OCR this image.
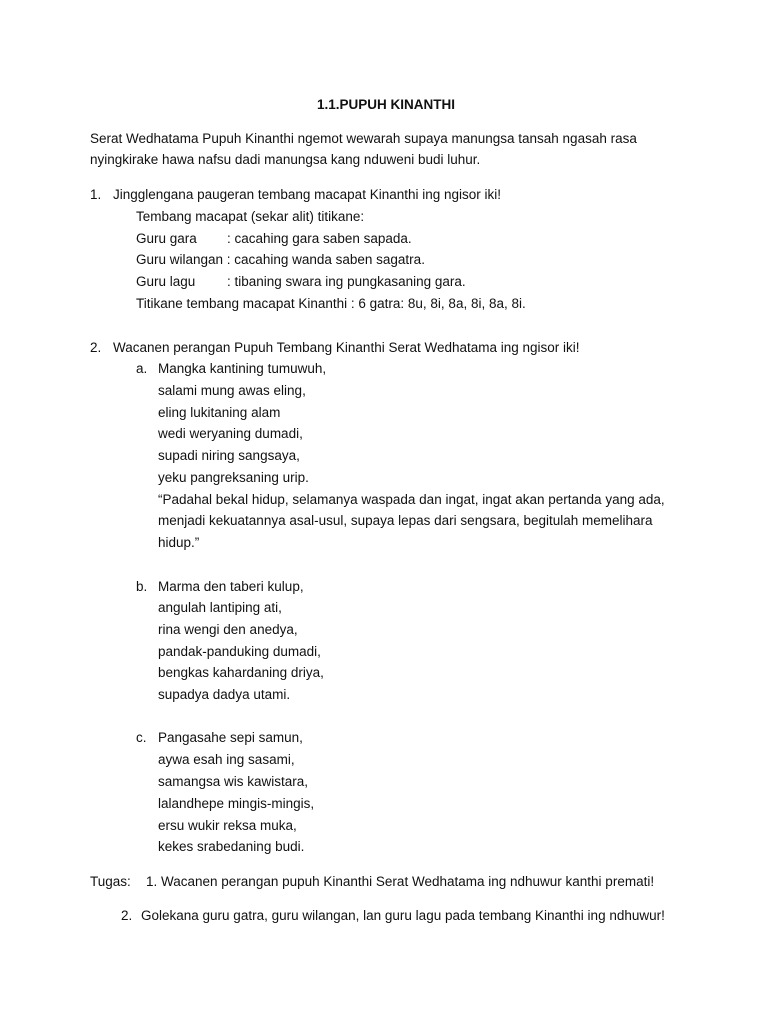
1.1.PUPUH KINANTHI
Serat Wedhatama Pupuh Kinanthi ngemot wewarah supaya manungsa tansah ngasah rasa
nyingkirake hawa nafsu dadi manungsa kang nduweni budi luhur.
1. Jingglengana paugeran tembang macapat Kinanthi ing ngisor iki!
Tembang macapat (sekar alit) titikane:
Guru gara : cacahing gara saben sapada.
Guru wilangan : cacahing wanda saben sagatra.
Guru lagu : tibaning swara ing pungkasaning gara.
Titikane tembang macapat Kinanthi : 6 gatra: 8u, 8i, 8a, 8i, 8a, 8i.
2. Wacanen perangan Pupuh Tembang Kinanthi Serat Wedhatama ing ngisor iki!
a. Mangka kantining tumuwuh,
salami mung awas eling,
eling lukitaning alam
wedi weryaning dumadi,
supadi niring sangsaya,
yeku pangreksaning urip.
“Padahal bekal hidup, selamanya waspada dan ingat, ingat akan pertanda yang ada,
menjadi kekuatannya asal-usul, supaya lepas dari sengsara, begitulah memelihara
hidup.”
b. Marma den taberi kulup,
angulah lantiping ati,
rina wengi den anedya,
pandak-panduking dumadi,
bengkas kahardaning driya,
supadya dadya utami.
c. Pangasahe sepi samun,
aywa esah ing sasami,
samangsa wis kawistara,
lalandhepe mingis-mingis,
ersu wukir reksa muka,
kekes srabedaning budi.
Tugas: 1. Wacanen perangan pupuh Kinanthi Serat Wedhatama ing ndhuwur kanthi premati!
2. Golekana guru gatra, guru wilangan, lan guru lagu pada tembang Kinanthi ing ndhuwur!
